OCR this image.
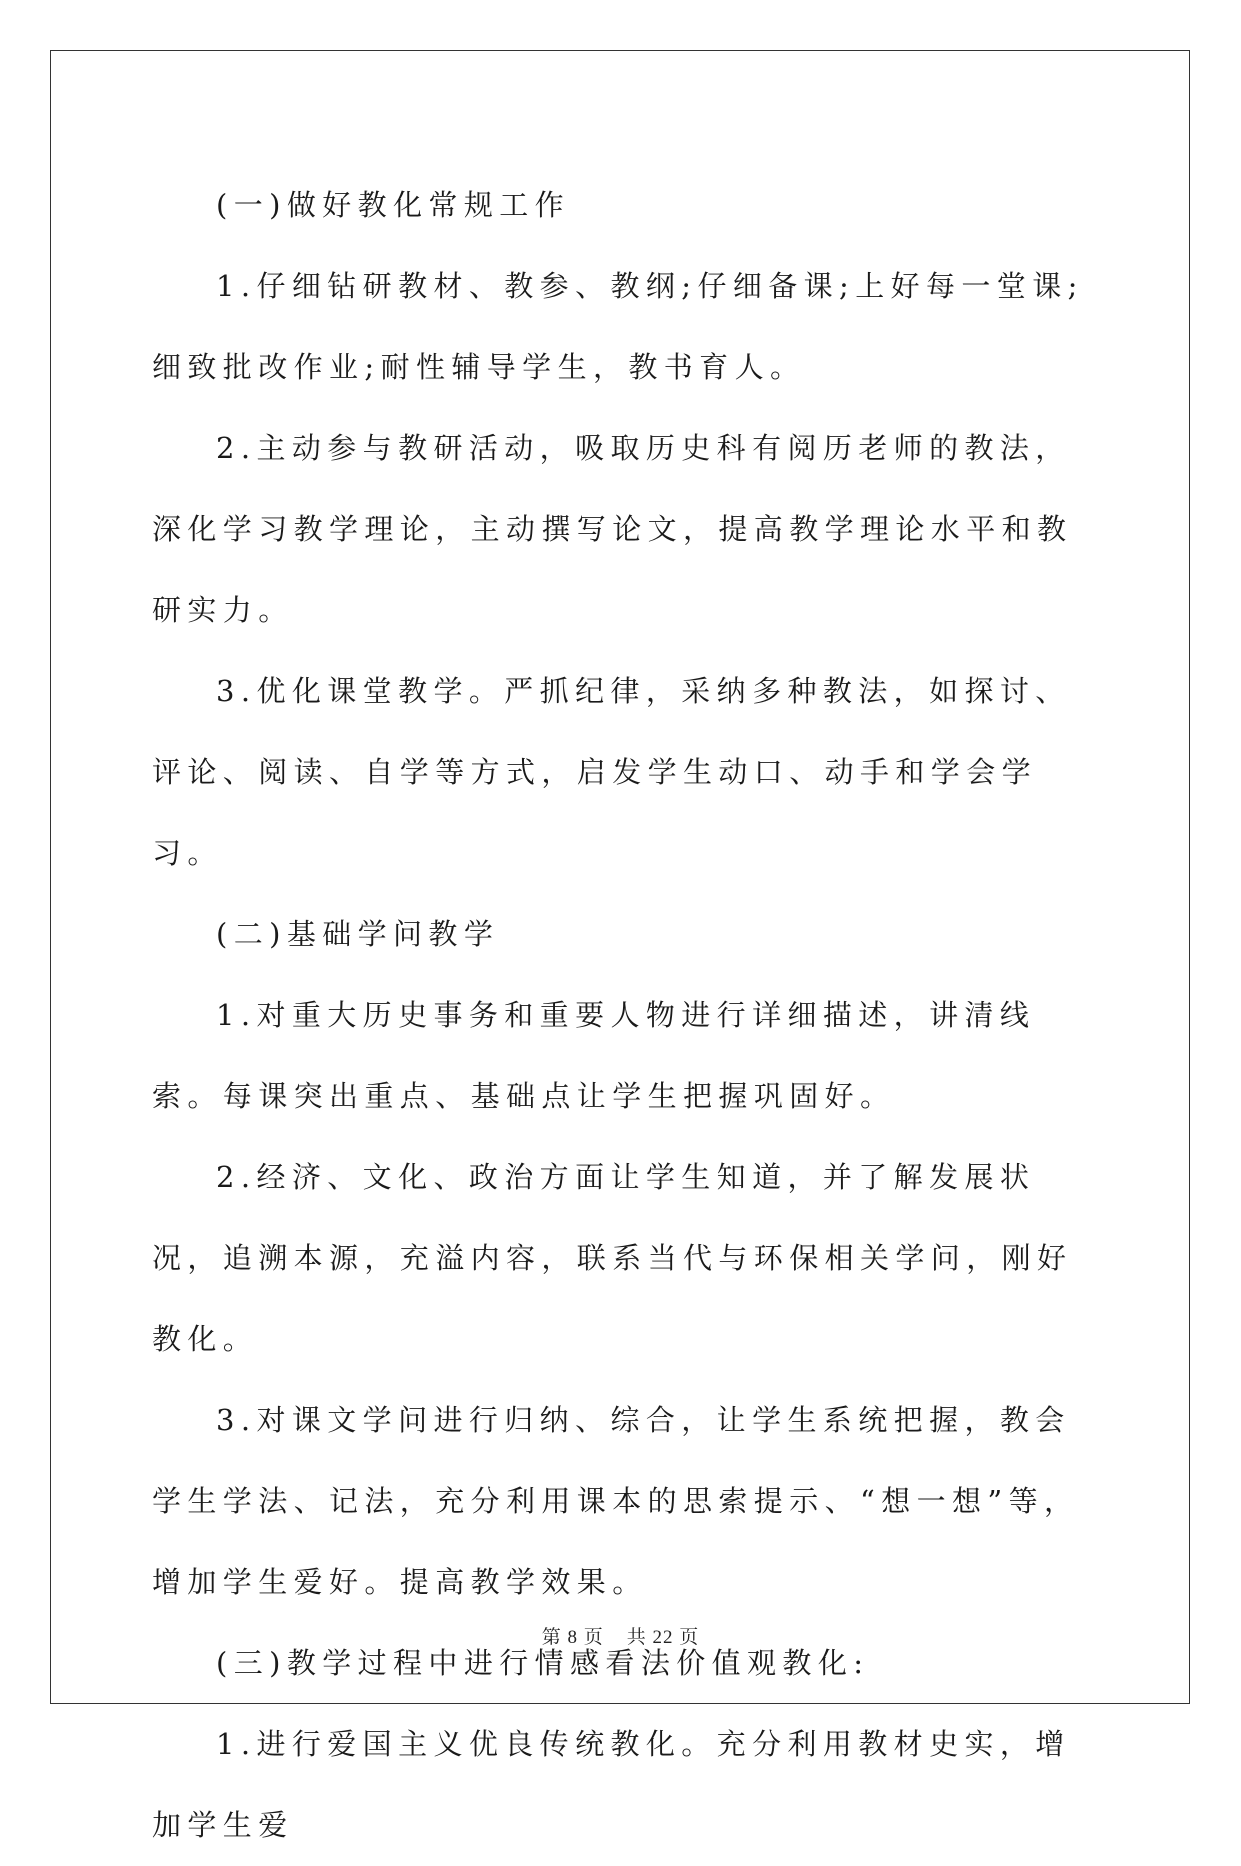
(一)做好教化常规工作

1.仔细钻研教材、教参、教纲;仔细备课;上好每一堂课;细致批改作业;耐性辅导学生，教书育人。

2.主动参与教研活动，吸取历史科有阅历老师的教法，深化学习教学理论，主动撰写论文，提高教学理论水平和教研实力。

3.优化课堂教学。严抓纪律，采纳多种教法，如探讨、评论、阅读、自学等方式，启发学生动口、动手和学会学习。

(二)基础学问教学

1.对重大历史事务和重要人物进行详细描述，讲清线索。每课突出重点、基础点让学生把握巩固好。

2.经济、文化、政治方面让学生知道，并了解发展状况，追溯本源，充溢内容，联系当代与环保相关学问，刚好教化。

3.对课文学问进行归纳、综合，让学生系统把握，教会学生学法、记法，充分利用课本的思索提示、“想一想”等，增加学生爱好。提高教学效果。

(三)教学过程中进行情感看法价值观教化:

1.进行爱国主义优良传统教化。充分利用教材史实，增加学生爱

第 8 页 共 22 页
